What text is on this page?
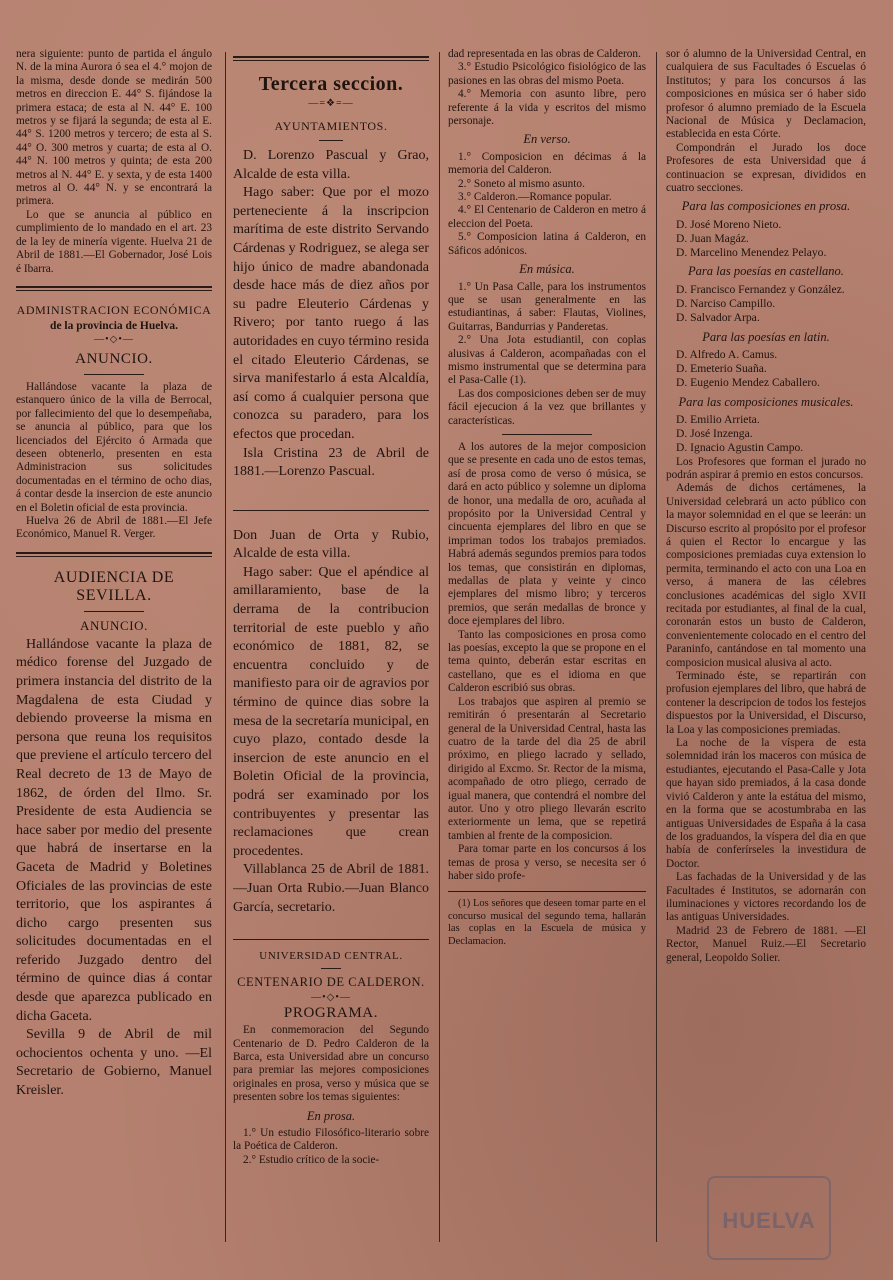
nera siguiente: punto de partida el ángulo N. de la mina Aurora ó sea el 4.° mojon de la misma, desde donde se medirán 500 metros en direccion E. 44° S. fijándose la primera estaca; de esta al N. 44° E. 100 metros y se fijará la segunda; de esta al E. 44° S. 1200 metros y tercero; de esta al S. 44° O. 300 metros y cuarta; de esta al O. 44° N. 100 metros y quinta; de esta 200 metros al N. 44° E. y sexta, y de esta 1400 metros al O. 44° N. y se encontrará la primera.

Lo que se anuncia al público en cumplimiento de lo mandado en el art. 23 de la ley de minería vigente. Huelva 21 de Abril de 1881.—El Gobernador, José Lois é Ibarra.

ADMINISTRACION ECONÓMICA
de la provincia de Huelva.
—•◇•—
ANUNCIO.

Hallándose vacante la plaza de estanquero único de la villa de Berrocal, por fallecimiento del que lo desempeñaba, se anuncia al público, para que los licenciados del Ejército ó Armada que deseen obtenerlo, presenten en esta Administracion sus solicitudes documentadas en el término de ocho dias, á contar desde la insercion de este anuncio en el Boletin oficial de esta provincia.

Huelva 26 de Abril de 1881.—El Jefe Económico, Manuel R. Verger.

AUDIENCIA DE SEVILLA.
ANUNCIO.

Hallándose vacante la plaza de médico forense del Juzgado de primera instancia del distrito de la Magdalena de esta Ciudad y debiendo proveerse la misma en persona que reuna los requisitos que previene el artículo tercero del Real decreto de 13 de Mayo de 1862, de órden del Ilmo. Sr. Presidente de esta Audiencia se hace saber por medio del presente que habrá de insertarse en la Gaceta de Madrid y Boletines Oficiales de las provincias de este territorio, que los aspirantes á dicho cargo presenten sus solicitudes documentadas en el referido Juzgado dentro del término de quince dias á contar desde que aparezca publicado en dicha Gaceta.

Sevilla 9 de Abril de mil ochocientos ochenta y uno. —El Secretario de Gobierno, Manuel Kreisler.

Tercera seccion.
—=❖=—
AYUNTAMIENTOS.

D. Lorenzo Pascual y Grao, Alcalde de esta villa.

Hago saber: Que por el mozo perteneciente á la inscripcion marítima de este distrito Servando Cárdenas y Rodriguez, se alega ser hijo único de madre abandonada desde hace más de diez años por su padre Eleuterio Cárdenas y Rivero; por tanto ruego á las autoridades en cuyo término resida el citado Eleuterio Cárdenas, se sirva manifestarlo á esta Alcaldía, así como á cualquier persona que conozca su paradero, para los efectos que procedan.

Isla Cristina 23 de Abril de 1881.—Lorenzo Pascual.

Don Juan de Orta y Rubio, Alcalde de esta villa.

Hago saber: Que el apéndice al amillaramiento, base de la derrama de la contribucion territorial de este pueblo y año económico de 1881, 82, se encuentra concluido y de manifiesto para oir de agravios por término de quince dias sobre la mesa de la secretaría municipal, en cuyo plazo, contado desde la insercion de este anuncio en el Boletin Oficial de la provincia, podrá ser examinado por los contribuyentes y presentar las reclamaciones que crean procedentes.

Villablanca 25 de Abril de 1881.—Juan Orta Rubio.—Juan Blanco García, secretario.

UNIVERSIDAD CENTRAL.
CENTENARIO DE CALDERON.
—•◇•—
PROGRAMA.

En conmemoracion del Segundo Centenario de D. Pedro Calderon de la Barca, esta Universidad abre un concurso para premiar las mejores composiciones originales en prosa, verso y música que se presenten sobre los temas siguientes:

En prosa.

1.° Un estudio Filosófico-literario sobre la Poética de Calderon.

2.° Estudio crítico de la socie-

dad representada en las obras de Calderon.

3.° Estudio Psicológico fisiológico de las pasiones en las obras del mismo Poeta.

4.° Memoria con asunto libre, pero referente á la vida y escritos del mismo personaje.

En verso.

1.° Composicion en décimas á la memoria del Calderon.

2.° Soneto al mismo asunto.

3.° Calderon.—Romance popular.

4.° El Centenario de Calderon en metro á eleccion del Poeta.

5.° Composicion latina á Calderon, en Sáficos adónicos.

En música.

1.° Un Pasa Calle, para los instrumentos que se usan generalmente en las estudiantinas, á saber: Flautas, Violines, Guitarras, Bandurrias y Panderetas.

2.° Una Jota estudiantil, con coplas alusivas á Calderon, acompañadas con el mismo instrumental que se determina para el Pasa-Calle (1).

Las dos composiciones deben ser de muy fácil ejecucion á la vez que brillantes y características.

A los autores de la mejor composicion que se presente en cada uno de estos temas, así de prosa como de verso ó música, se dará en acto público y solemne un diploma de honor, una medalla de oro, acuñada al propósito por la Universidad Central y cincuenta ejemplares del libro en que se impriman todos los trabajos premiados. Habrá además segundos premios para todos los temas, que consistirán en diplomas, medallas de plata y veinte y cinco ejemplares del mismo libro; y terceros premios, que serán medallas de bronce y doce ejemplares del libro.

Tanto las composiciones en prosa como las poesías, excepto la que se propone en el tema quinto, deberán estar escritas en castellano, que es el idioma en que Calderon escribió sus obras.

Los trabajos que aspiren al premio se remitirán ó presentarán al Secretario general de la Universidad Central, hasta las cuatro de la tarde del dia 25 de abril próximo, en pliego lacrado y sellado, dirigido al Excmo. Sr. Rector de la misma, acompañado de otro pliego, cerrado de igual manera, que contendrá el nombre del autor. Uno y otro pliego llevarán escrito exteriormente un lema, que se repetirá tambien al frente de la composicion.

Para tomar parte en los concursos á los temas de prosa y verso, se necesita ser ó haber sido profe-

(1) Los señores que deseen tomar parte en el concurso musical del segundo tema, hallarán las coplas en la Escuela de música y Declamacion.

sor ó alumno de la Universidad Central, en cualquiera de sus Facultades ó Escuelas ó Institutos; y para los concursos á las composiciones en música ser ó haber sido profesor ó alumno premiado de la Escuela Nacional de Música y Declamacion, establecida en esta Córte.

Compondrán el Jurado los doce Profesores de esta Universidad que á continuacion se expresan, divididos en cuatro secciones.

Para las composiciones en prosa.

D. José Moreno Nieto.

D. Juan Magáz.

D. Marcelino Menendez Pelayo.

Para las poesías en castellano.

D. Francisco Fernandez y González.

D. Narciso Campillo.

D. Salvador Arpa.

Para las poesías en latin.

D. Alfredo A. Camus.

D. Emeterio Suaña.

D. Eugenio Mendez Caballero.

Para las composiciones musicales.

D. Emilio Arrieta.

D. José Inzenga.

D. Ignacio Agustin Campo.

Los Profesores que forman el jurado no podrán aspirar á premio en estos concursos.

Además de dichos certámenes, la Universidad celebrará un acto público con la mayor solemnidad en el que se leerán: un Discurso escrito al propósito por el profesor á quien el Rector lo encargue y las composiciones premiadas cuya extension lo permita, terminando el acto con una Loa en verso, á manera de las célebres conclusiones académicas del siglo XVII recitada por estudiantes, al final de la cual, coronarán estos un busto de Calderon, convenientemente colocado en el centro del Paraninfo, cantándose en tal momento una composicion musical alusiva al acto.

Terminado éste, se repartirán con profusion ejemplares del libro, que habrá de contener la descripcion de todos los festejos dispuestos por la Universidad, el Discurso, la Loa y las composiciones premiadas.

La noche de la víspera de esta solemnidad irán los maceros con música de estudiantes, ejecutando el Pasa-Calle y Jota que hayan sido premiados, á la casa donde vivió Calderon y ante la estátua del mismo, en la forma que se acostumbraba en las antiguas Universidades de España á la casa de los graduandos, la víspera del dia en que había de conferírseles la investidura de Doctor.

Las fachadas de la Universidad y de las Facultades é Institutos, se adornarán con iluminaciones y victores recordando los de las antiguas Universidades.

Madrid 23 de Febrero de 1881. —El Rector, Manuel Ruiz.—El Secretario general, Leopoldo Solier.

HUELVA
